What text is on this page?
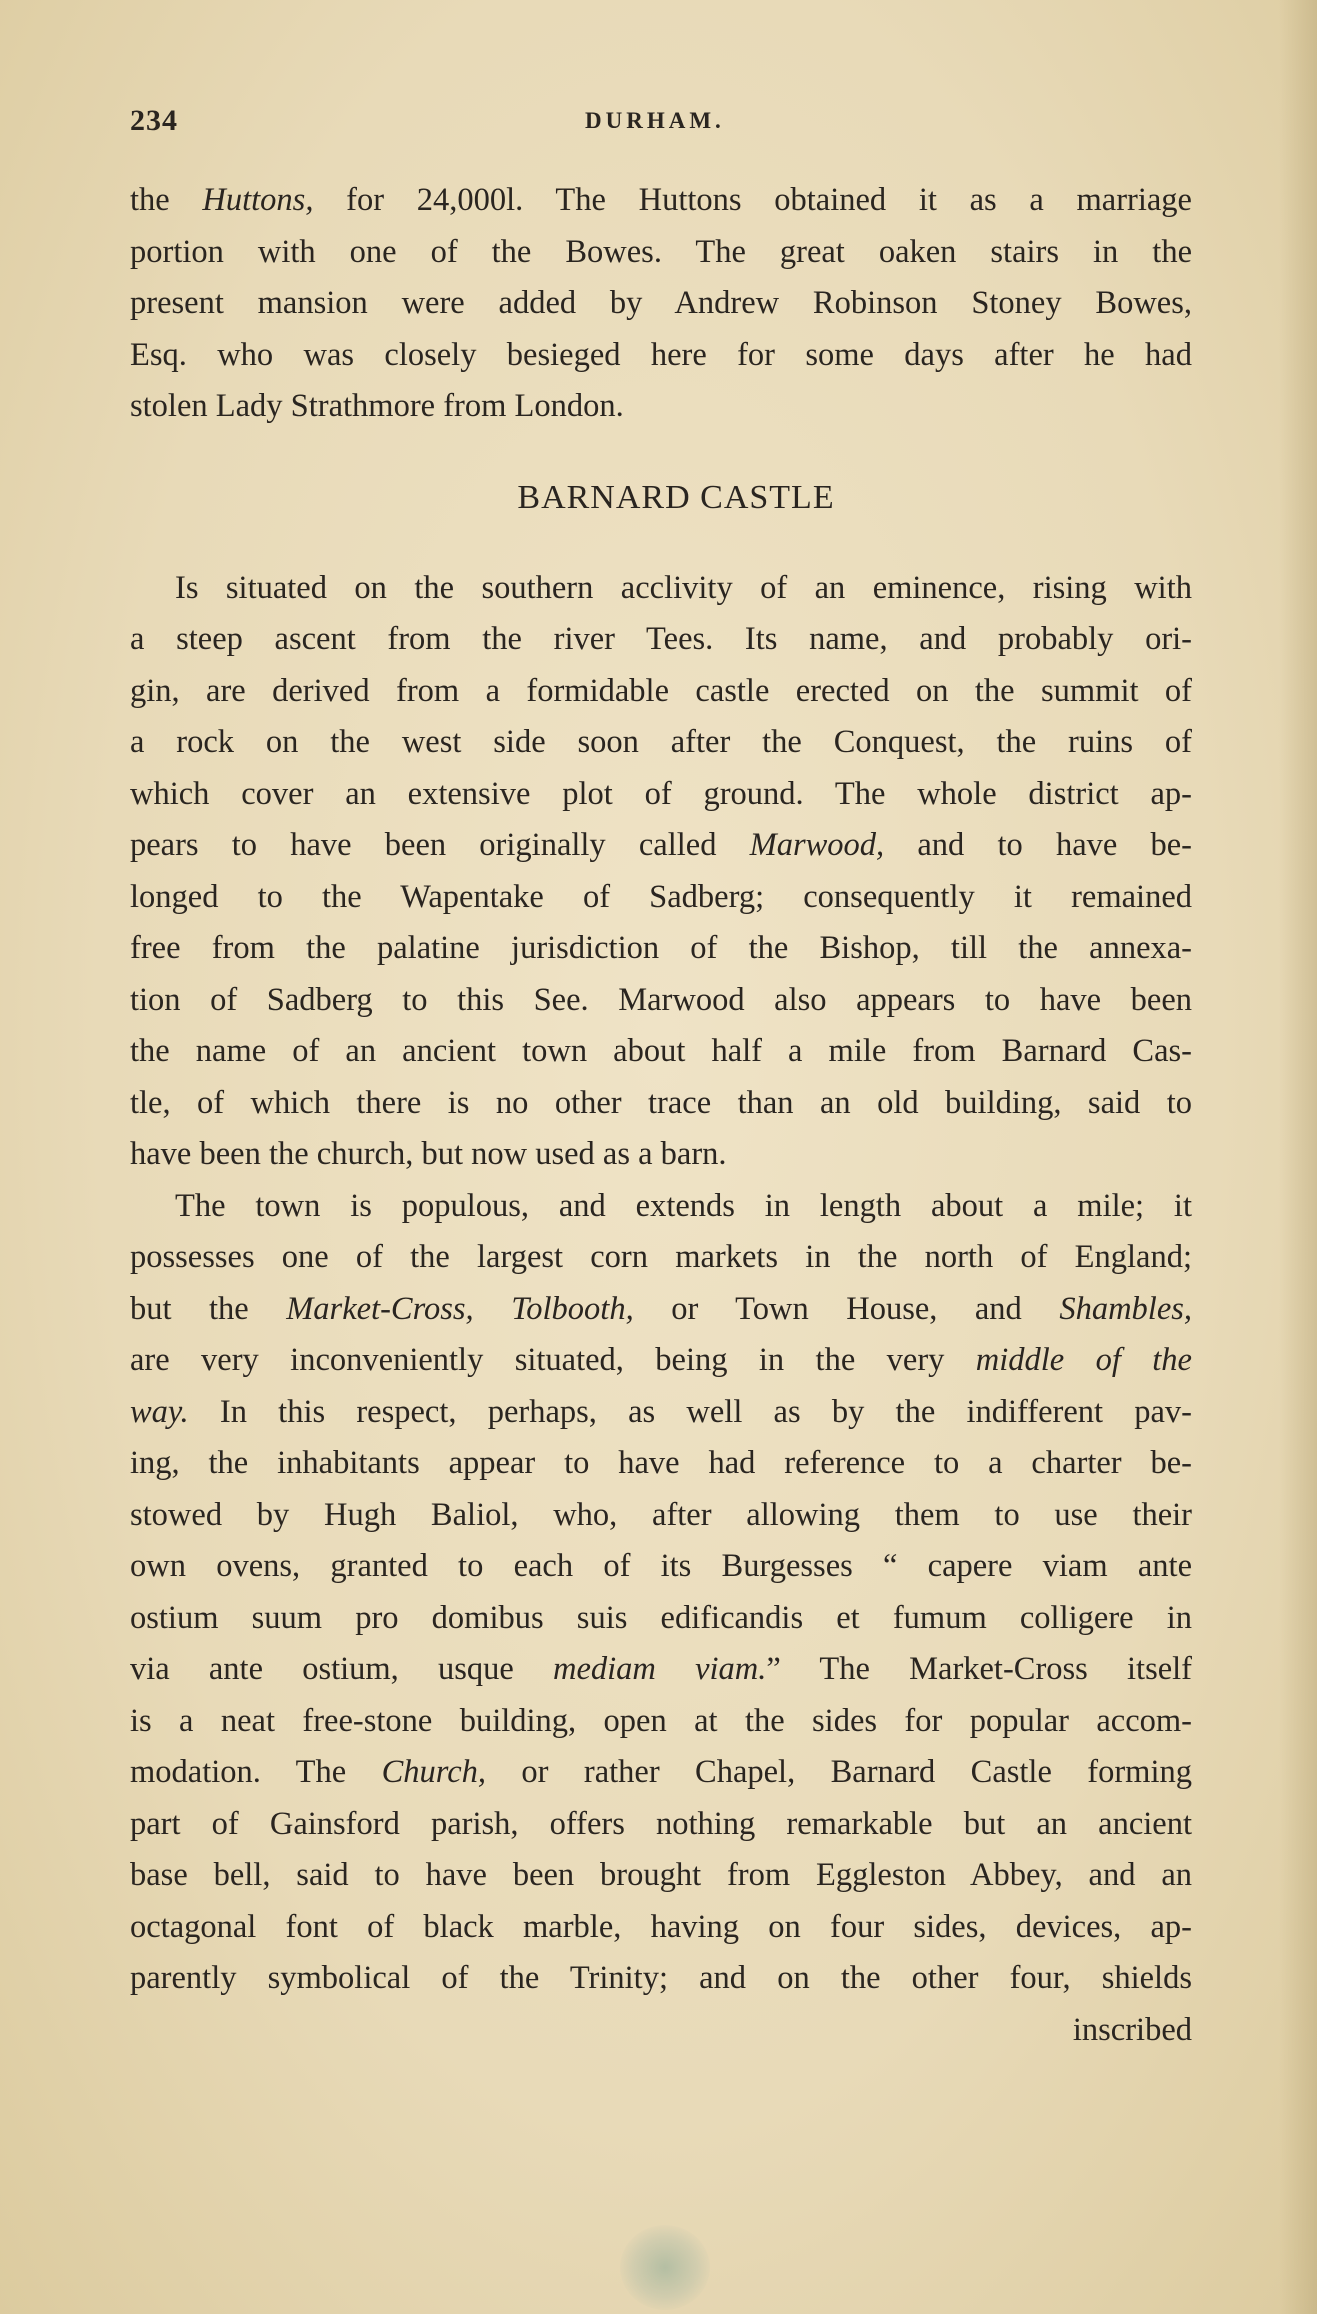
234	DURHAM.
the Huttons, for 24,000l. The Huttons obtained it as a marriage
portion with one of the Bowes. The great oaken stairs in the
present mansion were added by Andrew Robinson Stoney Bowes,
Esq. who was closely besieged here for some days after he had
stolen Lady Strathmore from London.
BARNARD CASTLE
Is situated on the southern acclivity of an eminence, rising with
a steep ascent from the river Tees. Its name, and probably ori-
gin, are derived from a formidable castle erected on the summit of
a rock on the west side soon after the Conquest, the ruins of
which cover an extensive plot of ground. The whole district ap-
pears to have been originally called Marwood, and to have be-
longed to the Wapentake of Sadberg; consequently it remained
free from the palatine jurisdiction of the Bishop, till the annexa-
tion of Sadberg to this See. Marwood also appears to have been
the name of an ancient town about half a mile from Barnard Cas-
tle, of which there is no other trace than an old building, said to
have been the church, but now used as a barn.
The town is populous, and extends in length about a mile; it
possesses one of the largest corn markets in the north of England;
but the Market-Cross, Tolbooth, or Town House, and Shambles,
are very inconveniently situated, being in the very middle of the
way. In this respect, perhaps, as well as by the indifferent pav-
ing, the inhabitants appear to have had reference to a charter be-
stowed by Hugh Baliol, who, after allowing them to use their
own ovens, granted to each of its Burgesses “ capere viam ante
ostium suum pro domibus suis edificandis et fumum colligere in
via ante ostium, usque mediam viam.” The Market-Cross itself
is a neat free-stone building, open at the sides for popular accom-
modation. The Church, or rather Chapel, Barnard Castle forming
part of Gainsford parish, offers nothing remarkable but an ancient
base bell, said to have been brought from Eggleston Abbey, and an
octagonal font of black marble, having on four sides, devices, ap-
parently symbolical of the Trinity; and on the other four, shields
inscribed
